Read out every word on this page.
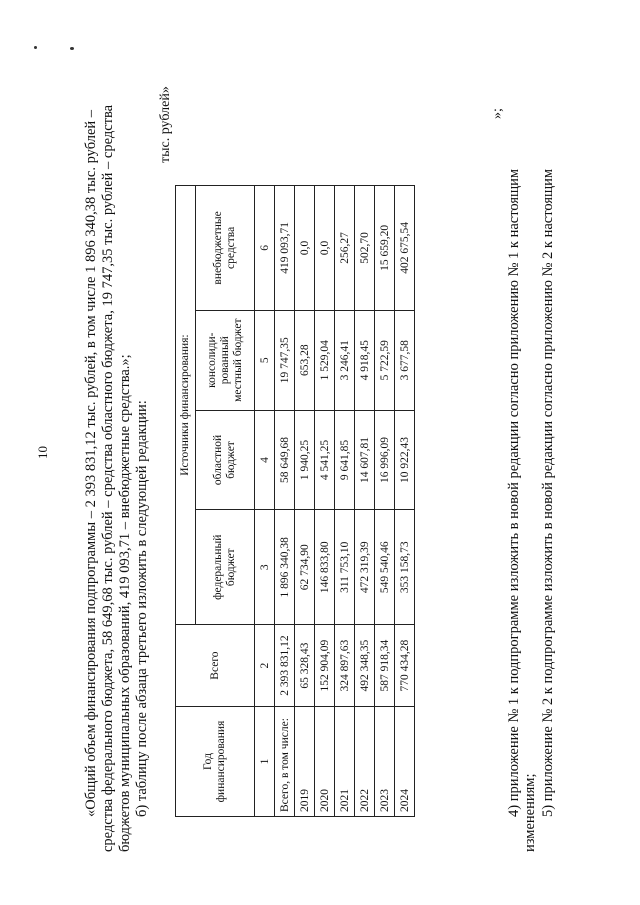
10 «Общий объем финансирования подпрограммы – 2 393 831,12 тыс. рублей, в том числе 1 896 340,38 тыс. рублей – средства федерального бюджета, 58 649,68 тыс. рублей – средства областного бюджета, 19 747,35 тыс. рублей – средства бюджетов муниципальных образований, 419 093,71 – внебюджетные средства.»; б) таблицу после абзаца третьего изложить в следующей редакции:
тыс. рублей»
Год финансирования	Всего	Источники финансирования:			
		федеральный бюджет	областной бюджет	консолиди-рованный местный бюджет	внебюджетные средства
1	2	3	4	5	6
Всего, в том числе:	2 393 831,12	1 896 340,38	58 649,68	19 747,35	419 093,71
2019	65 328,43	62 734,90	1 940,25	653,28	0,0
2020	152 904,09	146 833,80	4 541,25	1 529,04	0,0
2021	324 897,63	311 753,10	9 641,85	3 246,41	256,27
2022	492 348,35	472 319,39	14 607,81	4 918,45	502,70
2023	587 918,34	549 540,46	16 996,09	5 722,59	15 659,20
2024	770 434,28	353 158,73	10 922,43	3 677,58	402 675,54
»;
4) приложение № 1 к подпрограмме изложить в новой редакции согласно приложению № 1 к настоящим изменениям; 5) приложение № 2 к подпрограмме изложить в новой редакции согласно приложению № 2 к настоящим
